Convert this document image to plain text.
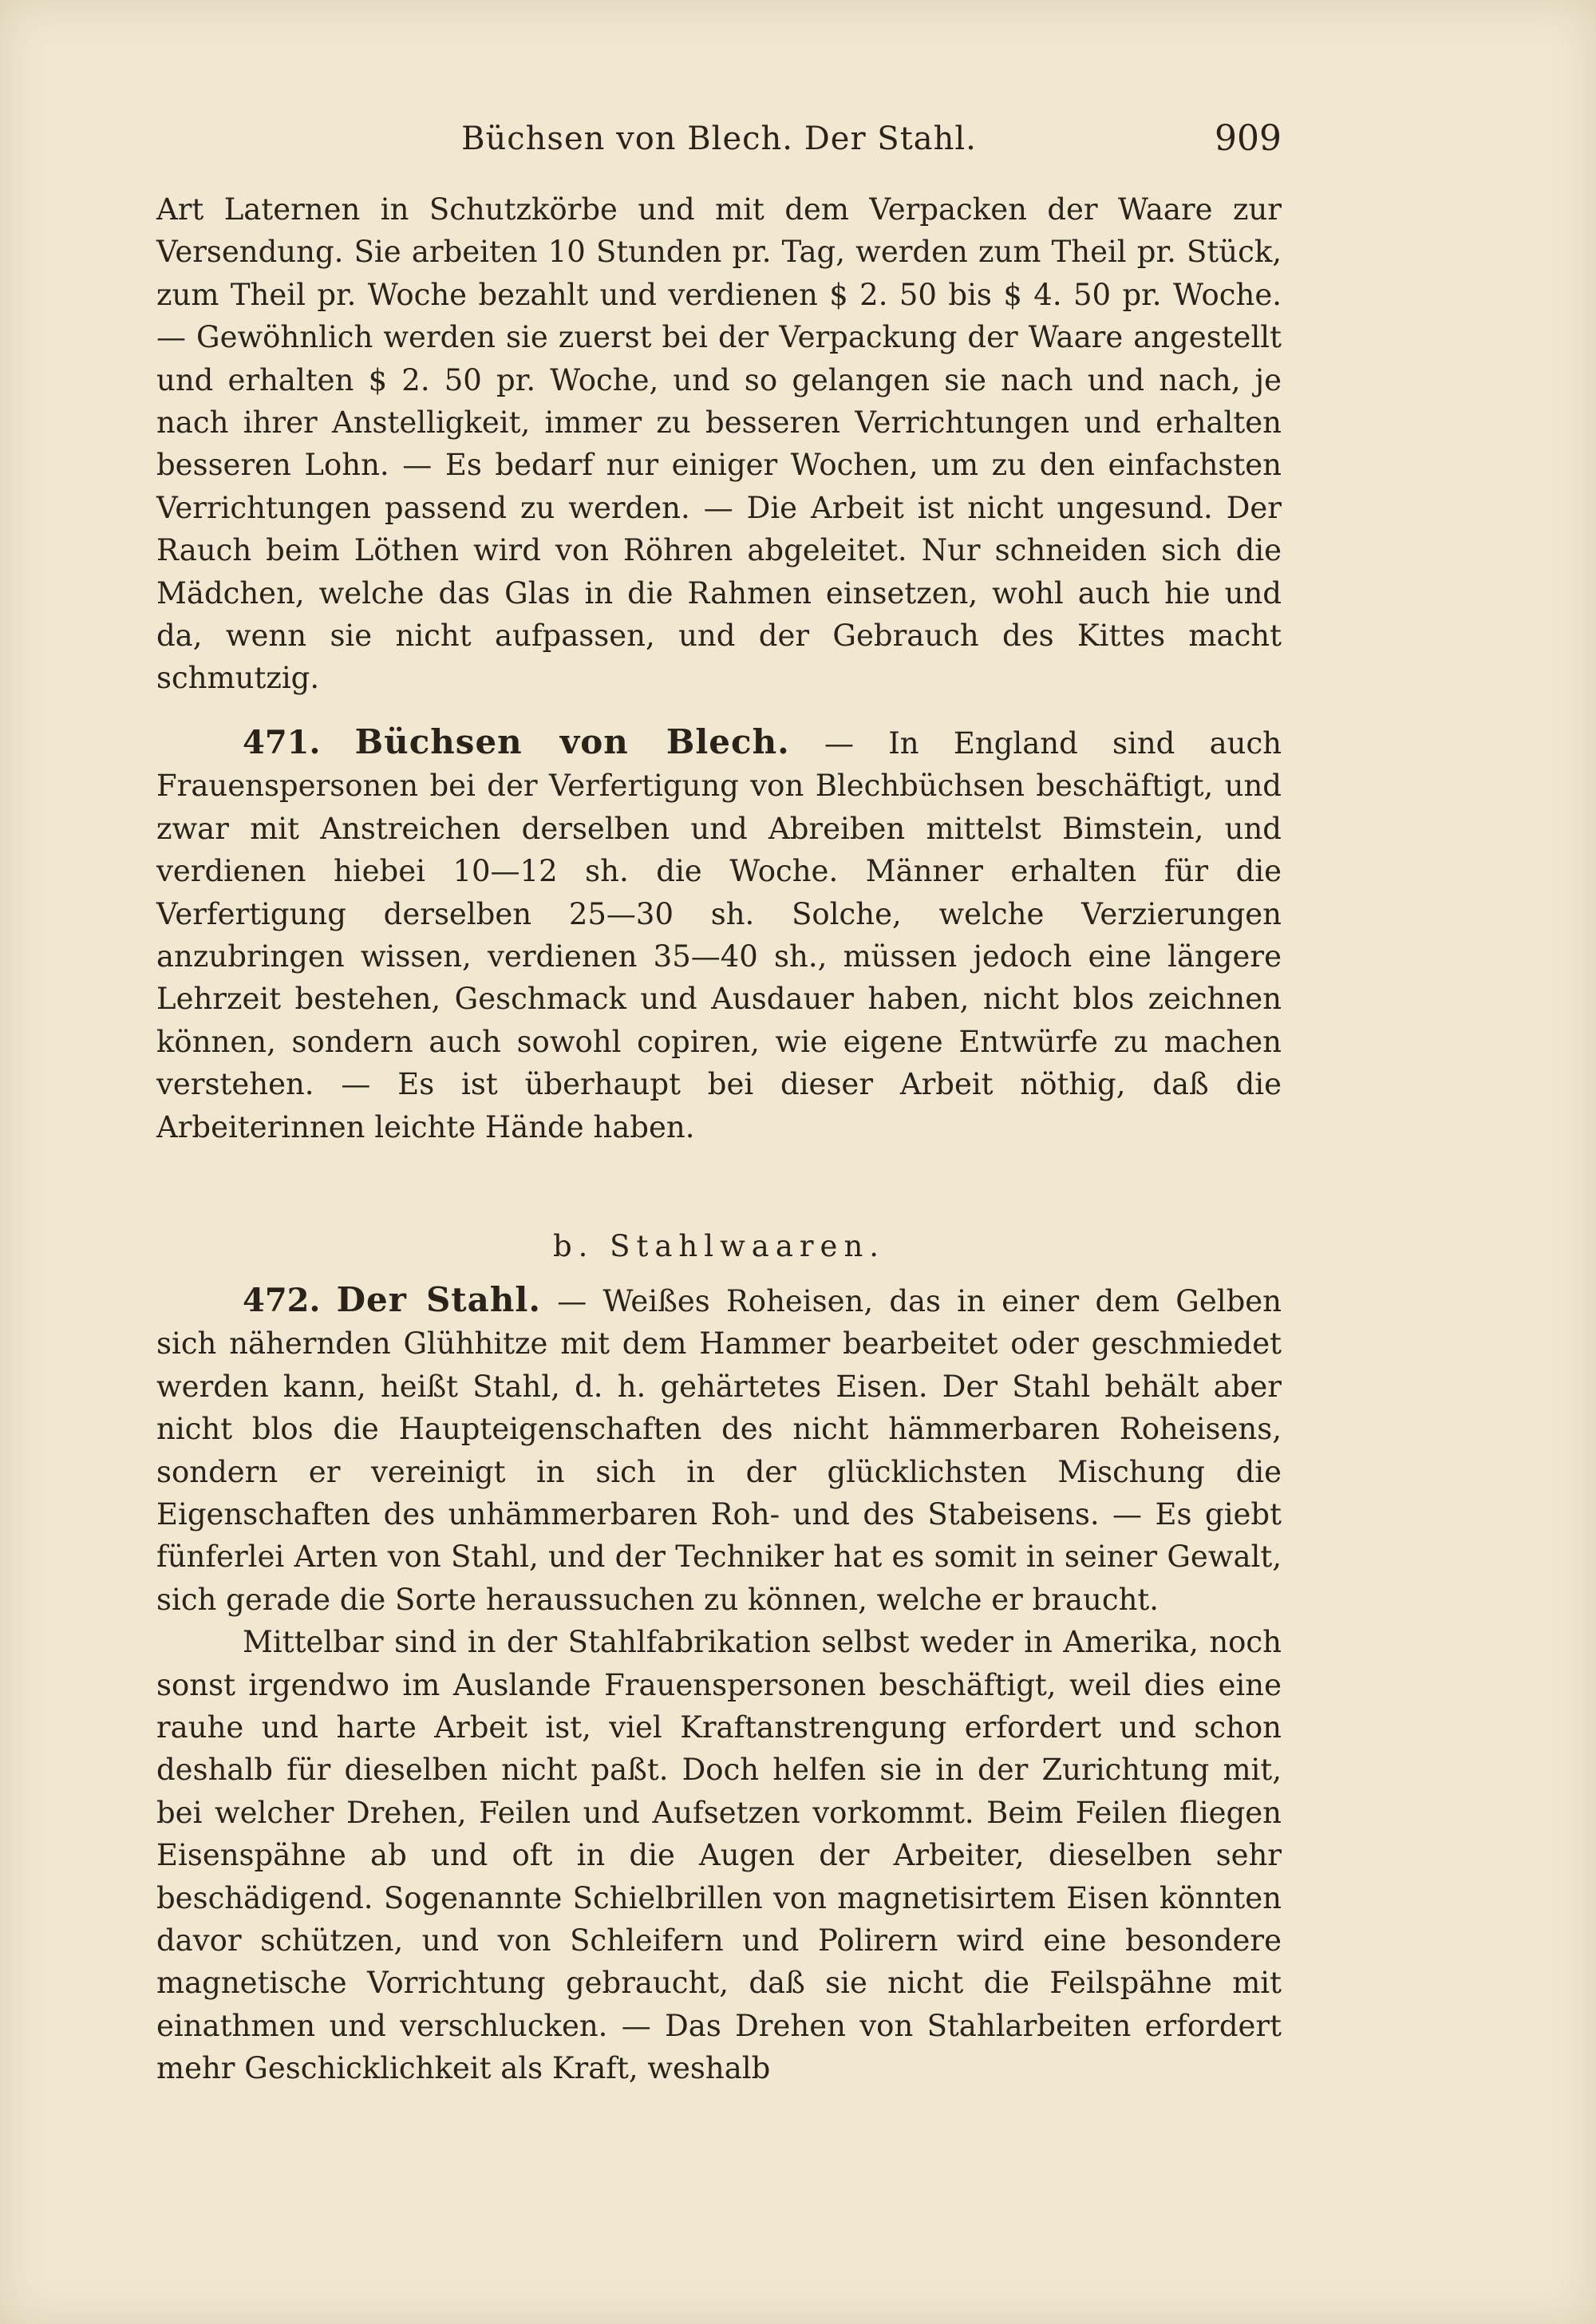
Büchsen von Blech. Der Stahl.	909

Art Laternen in Schutzkörbe und mit dem Verpacken der Waare zur Versendung. Sie arbeiten 10 Stunden pr. Tag, werden zum Theil pr. Stück, zum Theil pr. Woche bezahlt und verdienen $ 2. 50 bis $ 4. 50 pr. Woche. — Gewöhnlich werden sie zuerst bei der Verpackung der Waare angestellt und erhalten $ 2. 50 pr. Woche, und so gelangen sie nach und nach, je nach ihrer Anstelligkeit, immer zu besseren Verrichtungen und erhalten besseren Lohn. — Es bedarf nur einiger Wochen, um zu den einfachsten Verrichtungen passend zu werden. — Die Arbeit ist nicht ungesund. Der Rauch beim Löthen wird von Röhren abgeleitet. Nur schneiden sich die Mädchen, welche das Glas in die Rahmen einsetzen, wohl auch hie und da, wenn sie nicht aufpassen, und der Gebrauch des Kittes macht schmutzig.

471. Büchsen von Blech. — In England sind auch Frauenspersonen bei der Verfertigung von Blechbüchsen beschäftigt, und zwar mit Anstreichen derselben und Abreiben mittelst Bimstein, und verdienen hiebei 10—12 sh. die Woche. Männer erhalten für die Verfertigung derselben 25—30 sh. Solche, welche Verzierungen anzubringen wissen, verdienen 35—40 sh., müssen jedoch eine längere Lehrzeit bestehen, Geschmack und Ausdauer haben, nicht blos zeichnen können, sondern auch sowohl copiren, wie eigene Entwürfe zu machen verstehen. — Es ist überhaupt bei dieser Arbeit nöthig, daß die Arbeiterinnen leichte Hände haben.

b. Stahlwaaren.

472. Der Stahl. — Weißes Roheisen, das in einer dem Gelben sich nähernden Glühhitze mit dem Hammer bearbeitet oder geschmiedet werden kann, heißt Stahl, d. h. gehärtetes Eisen. Der Stahl behält aber nicht blos die Haupteigenschaften des nicht hämmerbaren Roheisens, sondern er vereinigt in sich in der glücklichsten Mischung die Eigenschaften des unhämmerbaren Roh- und des Stabeisens. — Es giebt fünferlei Arten von Stahl, und der Techniker hat es somit in seiner Gewalt, sich gerade die Sorte heraussuchen zu können, welche er braucht.

Mittelbar sind in der Stahlfabrikation selbst weder in Amerika, noch sonst irgendwo im Auslande Frauenspersonen beschäftigt, weil dies eine rauhe und harte Arbeit ist, viel Kraftanstrengung erfordert und schon deshalb für dieselben nicht paßt. Doch helfen sie in der Zurichtung mit, bei welcher Drehen, Feilen und Aufsetzen vorkommt. Beim Feilen fliegen Eisenspähne ab und oft in die Augen der Arbeiter, dieselben sehr beschädigend. Sogenannte Schielbrillen von magnetisirtem Eisen könnten davor schützen, und von Schleifern und Polirern wird eine besondere magnetische Vorrichtung gebraucht, daß sie nicht die Feilspähne mit einathmen und verschlucken. — Das Drehen von Stahlarbeiten erfordert mehr Geschicklichkeit als Kraft, weshalb
